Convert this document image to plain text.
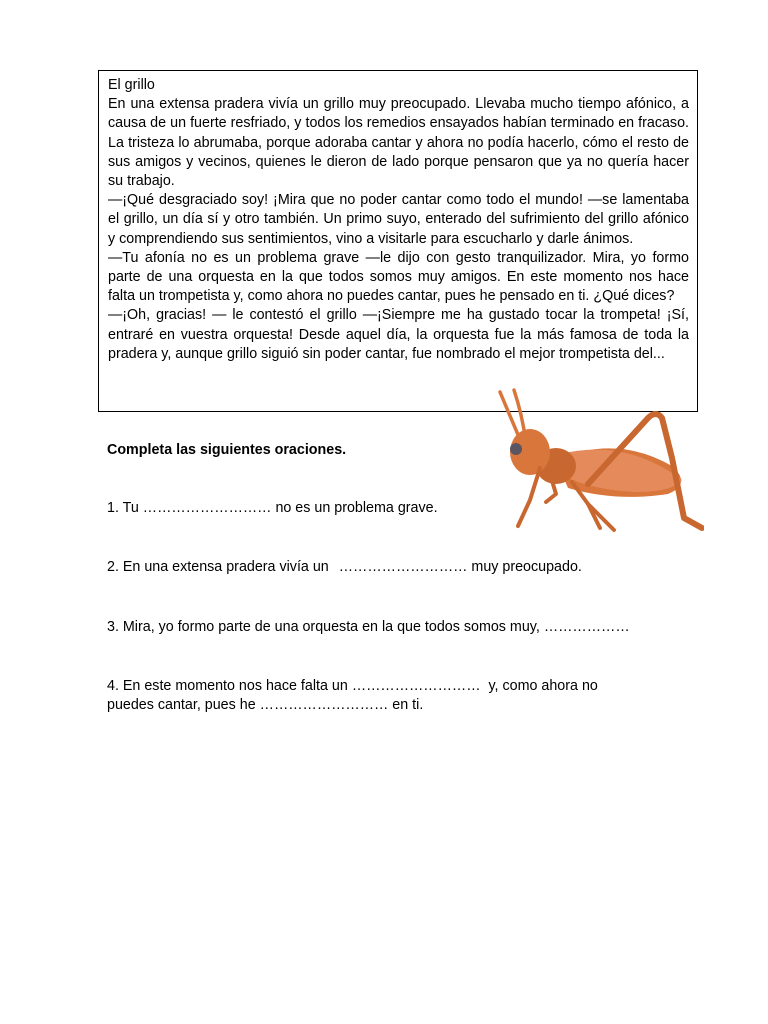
El grillo

En una extensa pradera vivía un grillo muy preocupado. Llevaba mucho tiempo afónico, a causa de un fuerte resfriado, y todos los remedios ensayados habían terminado en fracaso. La tristeza lo abrumaba, porque adoraba cantar y ahora no podía hacerlo, cómo el resto de sus amigos y vecinos, quienes le dieron de lado porque pensaron que ya no quería hacer su trabajo.

—¡Qué desgraciado soy! ¡Mira que no poder cantar como todo el mundo! —se lamentaba el grillo, un día sí y otro también. Un primo suyo, enterado del sufrimiento del grillo afónico y comprendiendo sus sentimientos, vino a visitarle para escucharlo y darle ánimos.

—Tu afonía no es un problema grave —le dijo con gesto tranquilizador. Mira, yo formo parte de una orquesta en la que todos somos muy amigos. En este momento nos hace falta un trompetista y, como ahora no puedes cantar, pues he pensado en ti. ¿Qué dices?

—¡Oh, gracias! — le contestó el grillo —¡Siempre me ha gustado tocar la trompeta! ¡Sí, entraré en vuestra orquesta! Desde aquel día, la orquesta fue la más famosa de toda la pradera y, aunque grillo siguió sin poder cantar, fue nombrado el mejor trompetista del...

Completa las siguientes oraciones.

1. Tu ……………………… no es un problema grave.

2. En una extensa pradera vivía un ……………………… muy preocupado.

3. Mira, yo formo parte de una orquesta en la que todos somos muy, ………………

4. En este momento nos hace falta un ……………………… y, como ahora no
puedes cantar, pues he ……………………… en ti.
